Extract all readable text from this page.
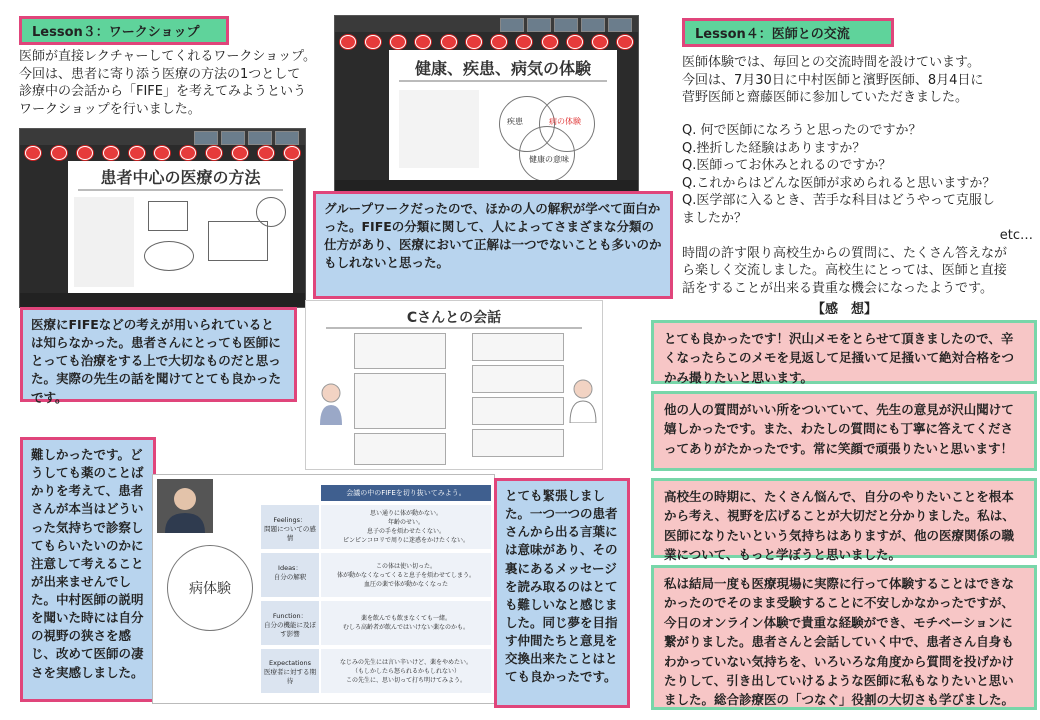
Lesson３：ワークショップ
医師が直接レクチャーしてくれるワークショップ。
今回は、患者に寄り添う医療の方法の1つとして
診療中の会話から「FIFE」を考えてみようという
ワークショップを行いました。
健康、疾患、病気の体験
疾患	病の体験
健康の意味
患者中心の医療の方法
グループワークだったので、ほかの人の解釈が学べて面白かった。FIFEの分類に関して、人によってさまざまな分類の仕方があり、医療において正解は一つでないことも多いのかもしれないと思った。
医療にFIFEなどの考えが用いられているとは知らなかった。患者さんにとっても医師にとっても治療をする上で大切なものだと思った。実際の先生の話を聞けてとても良かったです。
Cさんとの会話
難しかったです。どうしても薬のことばかりを考えて、患者さんが本当はどういった気持ちで診察してもらいたいのかに注意して考えることが出来ませんでした。中村医師の説明を聞いた時には自分の視野の狭さを感じ、改めて医師の凄さを実感しました。
病体験
会議の中のFIFEを切り抜いてみよう。
Feelings：
問題についての感情
思い通りに体が動かない。
年齢のせい。
息子の手を煩わせたくない。
ピンピンコロリで周りに迷惑をかけたくない。
Ideas：
自分の解釈
この体は使い切った。
体が動かなくなってくると息子を煩わせてしまう。
血圧の薬で体が動かなくなった
Function：
自分の機能に及ぼす影響
薬を飲んでも飲まなくても一緒。
むしろ高齢者が飲んではいけない薬なのかも。
Expectations
医療者に対する期待
なじみの先生には言い辛いけど、薬をやめたい。
（もしかしたら怒られるかもしれない）
この先生に、思い切って打ち明けてみよう。
とても緊張しました。一つ一つの患者さんから出る言葉には意味があり、その裏にあるメッセージを読み取るのはとても難しいなと感じました。同じ夢を目指す仲間たちと意見を交換出来たことはとても良かったです。
Lesson４：医師との交流
医師体験では、毎回との交流時間を設けています。
今回は、7月30日に中村医師と濱野医師、8月4日に
菅野医師と齋藤医師に参加していただきました。
Q. 何で医師になろうと思ったのですか？
Q.挫折した経験はありますか？
Q.医師ってお休みとれるのですか？
Q.これからはどんな医師が求められると思いますか？
Q.医学部に入るとき、苦手な科目はどうやって克服し
ましたか？
etc…
時間の許す限り高校生からの質問に、たくさん答えなが
ら楽しく交流しました。高校生にとっては、医師と直接
話をすることが出来る貴重な機会になったようです。
【感　想】
とても良かったです！沢山メモをとらせて頂きましたので、辛くなったらこのメモを見返して足掻いて足掻いて絶対合格をつかみ撮りたいと思います。
他の人の質問がいい所をついていて、先生の意見が沢山聞けて嬉しかったです。また、わたしの質問にも丁寧に答えてくださってありがたかったです。常に笑顔で頑張りたいと思います！
高校生の時期に、たくさん悩んで、自分のやりたいことを根本から考え、視野を広げることが大切だと分かりました。私は、医師になりたいという気持ちはありますが、他の医療関係の職業について、もっと学ぼうと思いました。
私は結局一度も医療現場に実際に行って体験することはできなかったのでそのまま受験することに不安しかなかったですが、今日のオンライン体験で貴重な経験ができ、モチベーションに繋がりました。患者さんと会話していく中で、患者さん自身もわかっていない気持ちを、いろいろな角度から質問を投げかけたりして、引き出していけるような医師に私もなりたいと思いました。総合診療医の「つなぐ」役割の大切さも学びました。
